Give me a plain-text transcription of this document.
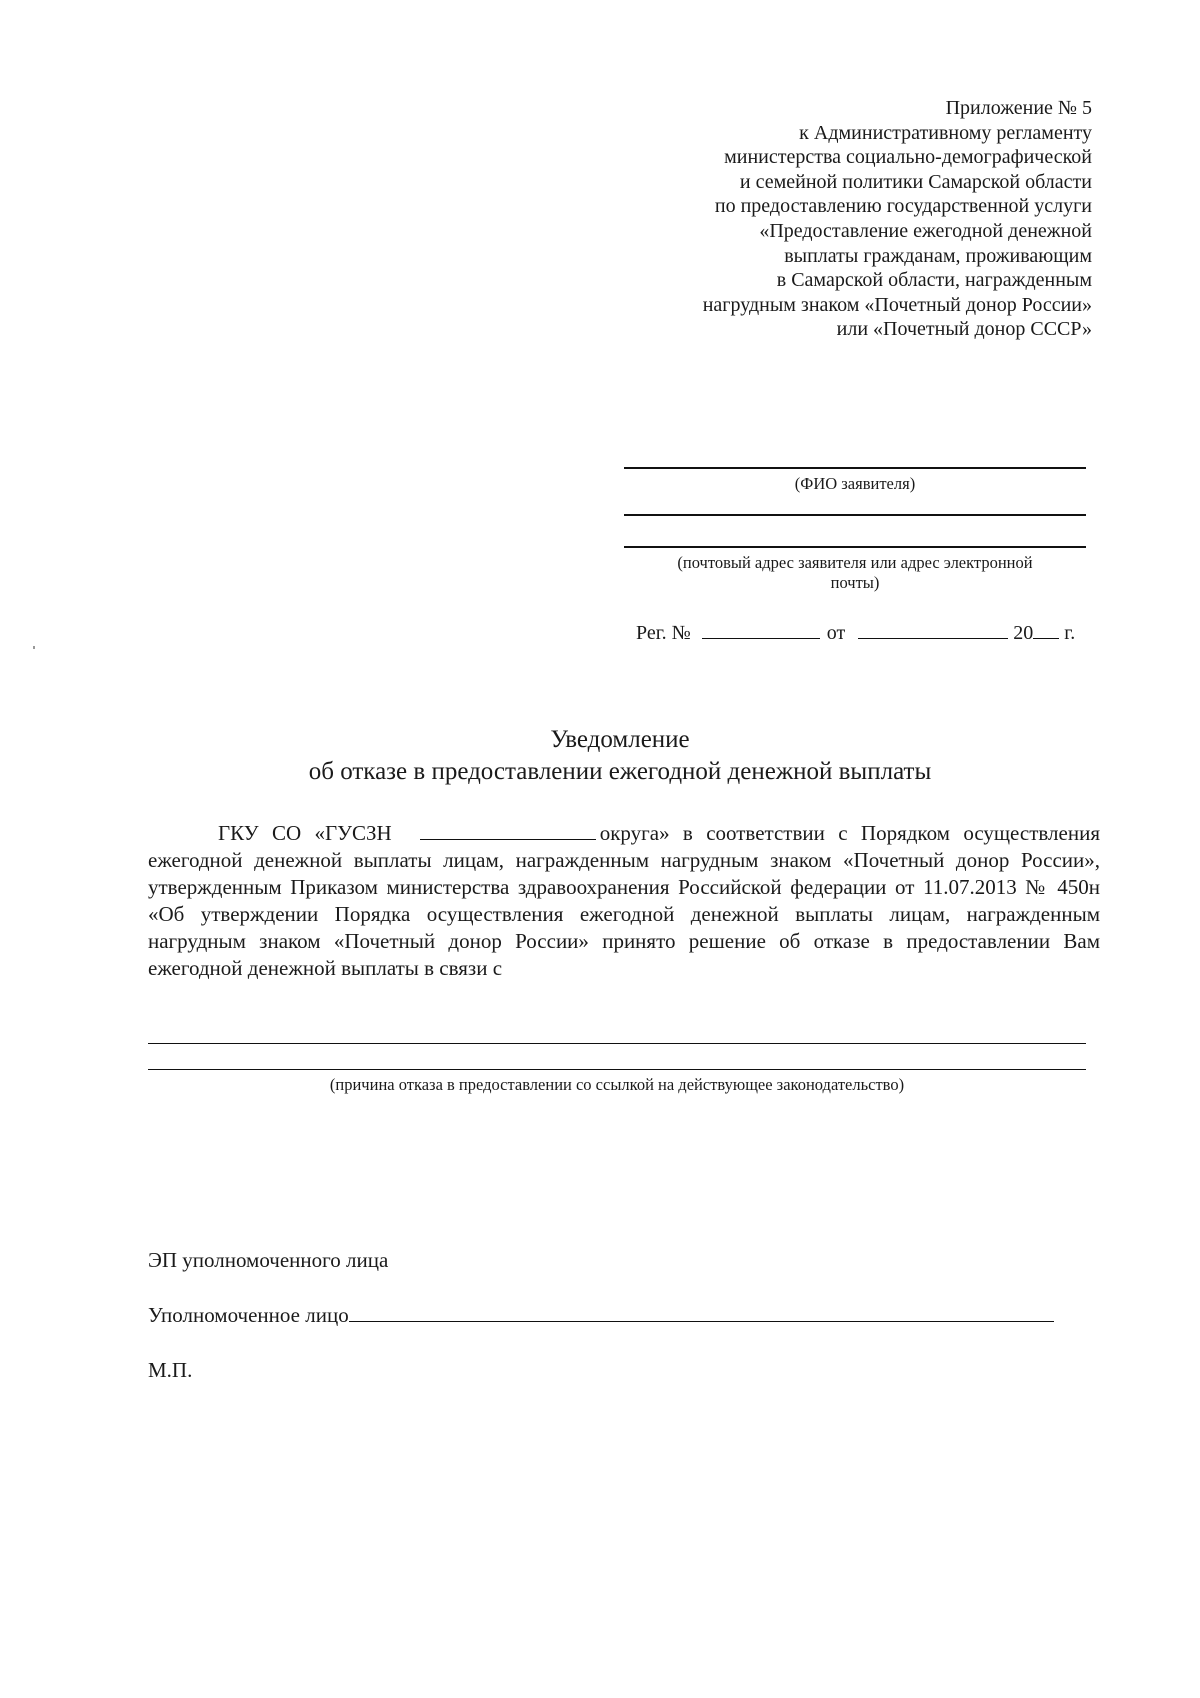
Приложение № 5
к Административному регламенту
министерства социально-демографической
и семейной политики Самарской области
по предоставлению государственной услуги
«Предоставление ежегодной денежной
выплаты гражданам, проживающим
в Самарской области, награжденным
нагрудным знаком «Почетный донор России»
или «Почетный донор СССР»
(ФИО заявителя)
(почтовый адрес заявителя или адрес электронной
почты)
Рег. №	от	20 г.
Уведомление
об отказе в предоставлении ежегодной денежной выплаты
ГКУ СО «ГУСЗН	округа» в соответствии с Порядком осуществления ежегодной денежной выплаты лицам, награжденным нагрудным знаком «Почетный донор России», утвержденным Приказом министерства здравоохранения Российской федерации от 11.07.2013 № 450н «Об утверждении Порядка осуществления ежегодной денежной выплаты лицам, награжденным нагрудным знаком «Почетный донор России» принято решение об отказе в предоставлении Вам ежегодной денежной выплаты в связи с
(причина отказа в предоставлении со ссылкой на действующее законодательство)
ЭП уполномоченного лица
Уполномоченное лицо
М.П.
